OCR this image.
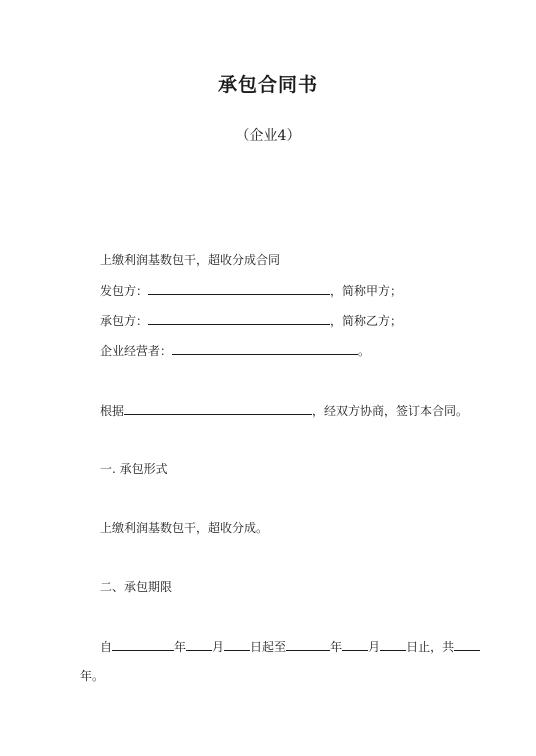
承包合同书
（企业4）
上缴利润基数包干，超收分成合同
发包方：	，简称甲方；
承包方：	，简称乙方；
企业经营者：	。
根据	，经双方协商，签订本合同。
一. 承包形式
上缴利润基数包干，超收分成。
二、承包期限
自	年 月 日起至	年 月 日止，共
年。
